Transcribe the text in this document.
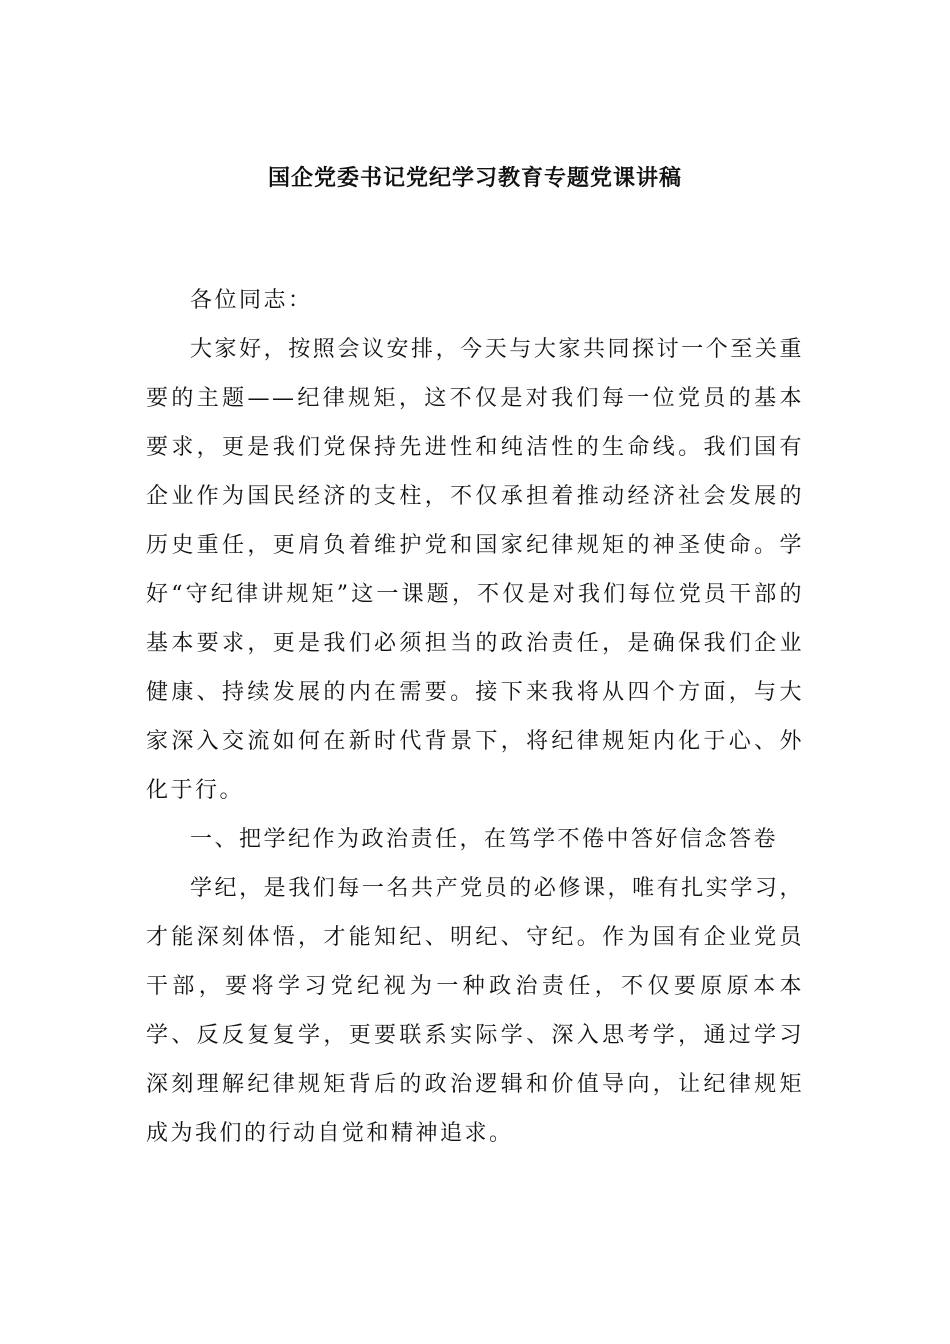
国企党委书记党纪学习教育专题党课讲稿

各位同志：

大家好，按照会议安排，今天与大家共同探讨一个至关重要的主题——纪律规矩，这不仅是对我们每一位党员的基本要求，更是我们党保持先进性和纯洁性的生命线。我们国有企业作为国民经济的支柱，不仅承担着推动经济社会发展的历史重任，更肩负着维护党和国家纪律规矩的神圣使命。学好“守纪律讲规矩”这一课题，不仅是对我们每位党员干部的基本要求，更是我们必须担当的政治责任，是确保我们企业健康、持续发展的内在需要。接下来我将从四个方面，与大家深入交流如何在新时代背景下，将纪律规矩内化于心、外化于行。

一、把学纪作为政治责任，在笃学不倦中答好信念答卷

学纪，是我们每一名共产党员的必修课，唯有扎实学习，才能深刻体悟，才能知纪、明纪、守纪。作为国有企业党员干部，要将学习党纪视为一种政治责任，不仅要原原本本学、反反复复学，更要联系实际学、深入思考学，通过学习深刻理解纪律规矩背后的政治逻辑和价值导向，让纪律规矩成为我们的行动自觉和精神追求。
